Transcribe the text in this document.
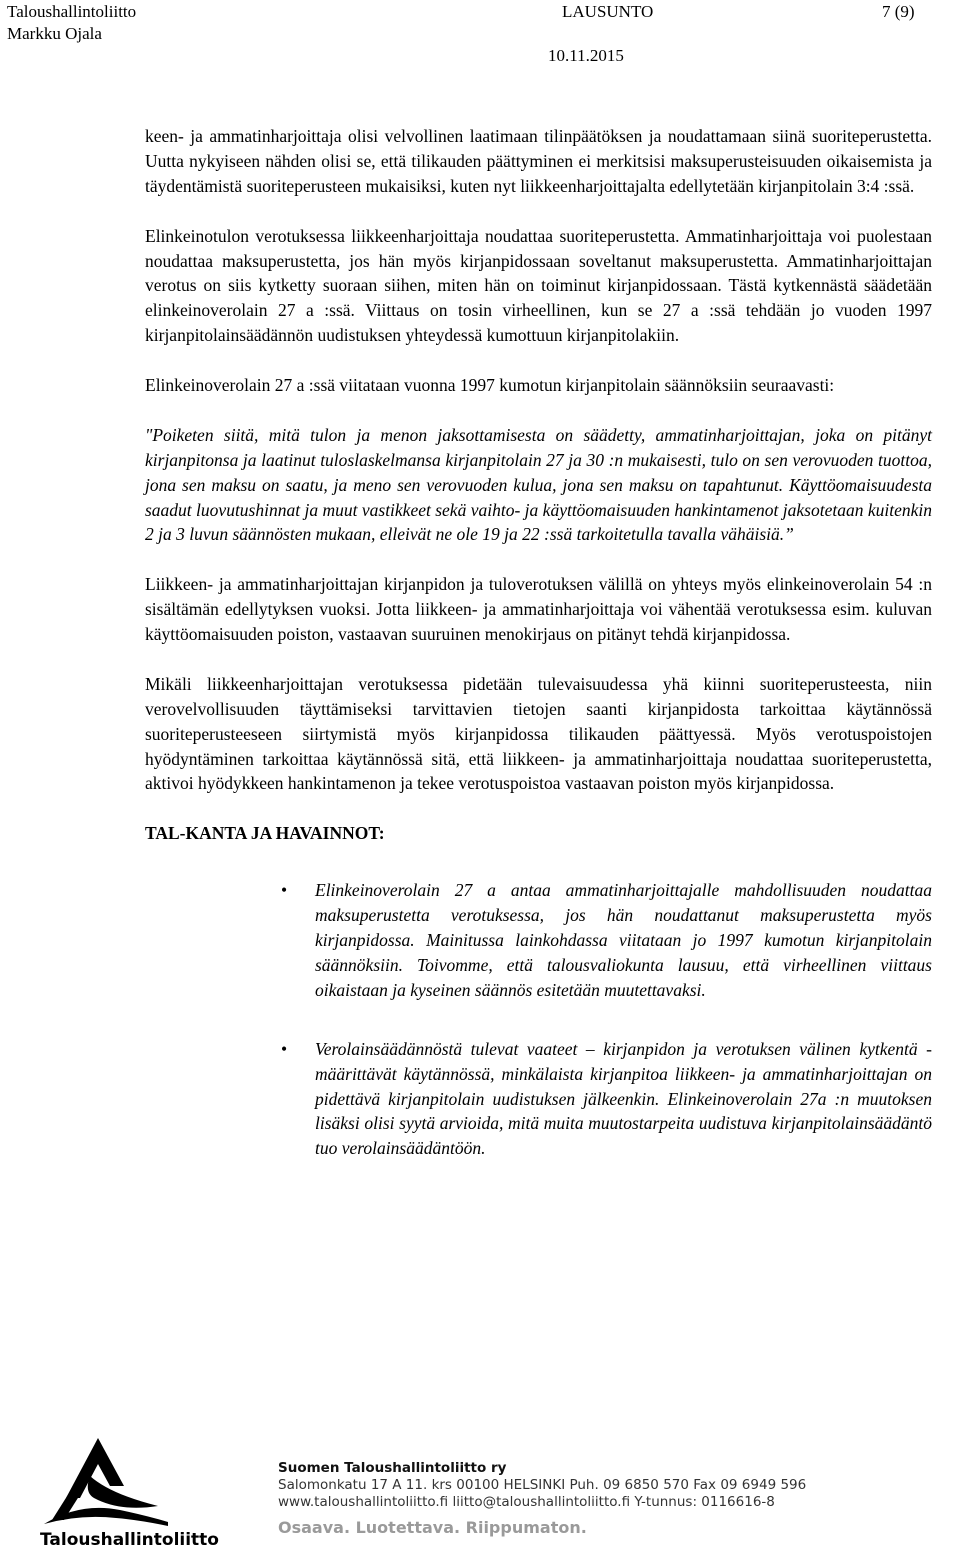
Taloushallintoliitto
Markku Ojala
LAUSUNTO	7 (9)
10.11.2015

keen- ja ammatinharjoittaja olisi velvollinen laatimaan tilinpäätöksen ja noudattamaan siinä suoriteperustetta. Uutta nykyiseen nähden olisi se, että tilikauden päättyminen ei merkitsisi maksuperusteisuuden oikaisemista ja täydentämistä suoriteperusteen mukaisiksi, kuten nyt liikkeenharjoittajalta edellytetään kirjanpitolain 3:4 :ssä.

Elinkeinotulon verotuksessa liikkeenharjoittaja noudattaa suoriteperustetta. Ammatinharjoittaja voi puolestaan noudattaa maksuperustetta, jos hän myös kirjanpidossaan soveltanut maksuperustetta. Ammatinharjoittajan verotus on siis kytketty suoraan siihen, miten hän on toiminut kirjanpidossaan. Tästä kytkennästä säädetään elinkeinoverolain 27 a :ssä. Viittaus on tosin virheellinen, kun se 27 a :ssä tehdään jo vuoden 1997 kirjanpitolainsäädännön uudistuksen yhteydessä kumottuun kirjanpitolakiin.

Elinkeinoverolain 27 a :ssä viitataan vuonna 1997 kumotun kirjanpitolain säännöksiin seuraavasti:

"Poiketen siitä, mitä tulon ja menon jaksottamisesta on säädetty, ammatinharjoittajan, joka on pitänyt kirjanpitonsa ja laatinut tuloslaskelmansa kirjanpitolain 27 ja 30 :n mukaisesti, tulo on sen verovuoden tuottoa, jona sen maksu on saatu, ja meno sen verovuoden kulua, jona sen maksu on tapahtunut. Käyttöomaisuudesta saadut luovutushinnat ja muut vastikkeet sekä vaihto- ja käyttöomaisuuden hankintamenot jaksotetaan kuitenkin 2 ja 3 luvun säännösten mukaan, elleivät ne ole 19 ja 22 :ssä tarkoitetulla tavalla vähäisiä.”

Liikkeen- ja ammatinharjoittajan kirjanpidon ja tuloverotuksen välillä on yhteys myös elinkeinoverolain 54 :n sisältämän edellytyksen vuoksi. Jotta liikkeen- ja ammatinharjoittaja voi vähentää verotuksessa esim. kuluvan käyttöomaisuuden poiston, vastaavan suuruinen menokirjaus on pitänyt tehdä kirjanpidossa.

Mikäli liikkeenharjoittajan verotuksessa pidetään tulevaisuudessa yhä kiinni suoriteperusteesta, niin verovelvollisuuden täyttämiseksi tarvittavien tietojen saanti kirjanpidosta tarkoittaa käytännössä suoriteperusteeseen siirtymistä myös kirjanpidossa tilikauden päättyessä. Myös verotuspoistojen hyödyntäminen tarkoittaa käytännössä sitä, että liikkeen- ja ammatinharjoittaja noudattaa suoriteperustetta, aktivoi hyödykkeen hankintamenon ja tekee verotuspoistoa vastaavan poiston myös kirjanpidossa.

TAL-KANTA JA HAVAINNOT:
• Elinkeinoverolain 27 a antaa ammatinharjoittajalle mahdollisuuden noudattaa maksuperustetta verotuksessa, jos hän noudattanut maksuperustetta myös kirjanpidossa. Mainitussa lainkohdassa viitataan jo 1997 kumotun kirjanpitolain säännöksiin. Toivomme, että talousvaliokunta lausuu, että virheellinen viittaus oikaistaan ja kyseinen säännös esitetään muutettavaksi.
• Verolainsäädännöstä tulevat vaateet – kirjanpidon ja verotuksen välinen kytkentä - määrittävät käytännössä, minkälaista kirjanpitoa liikkeen- ja ammatinharjoittajan on pidettävä kirjanpitolain uudistuksen jälkeenkin. Elinkeinoverolain 27a :n muutoksen lisäksi olisi syytä arvioida, mitä muita muutostarpeita uudistuva kirjanpitolainsäädäntö tuo verolainsäädäntöön.
Taloushallintoliitto
Suomen Taloushallintoliitto ry
Salomonkatu 17 A 11. krs 00100 HELSINKI Puh. 09 6850 570 Fax 09 6949 596
www.taloushallintoliitto.fi liitto@taloushallintoliitto.fi Y-tunnus: 0116616-8
Osaava. Luotettava. Riippumaton.
